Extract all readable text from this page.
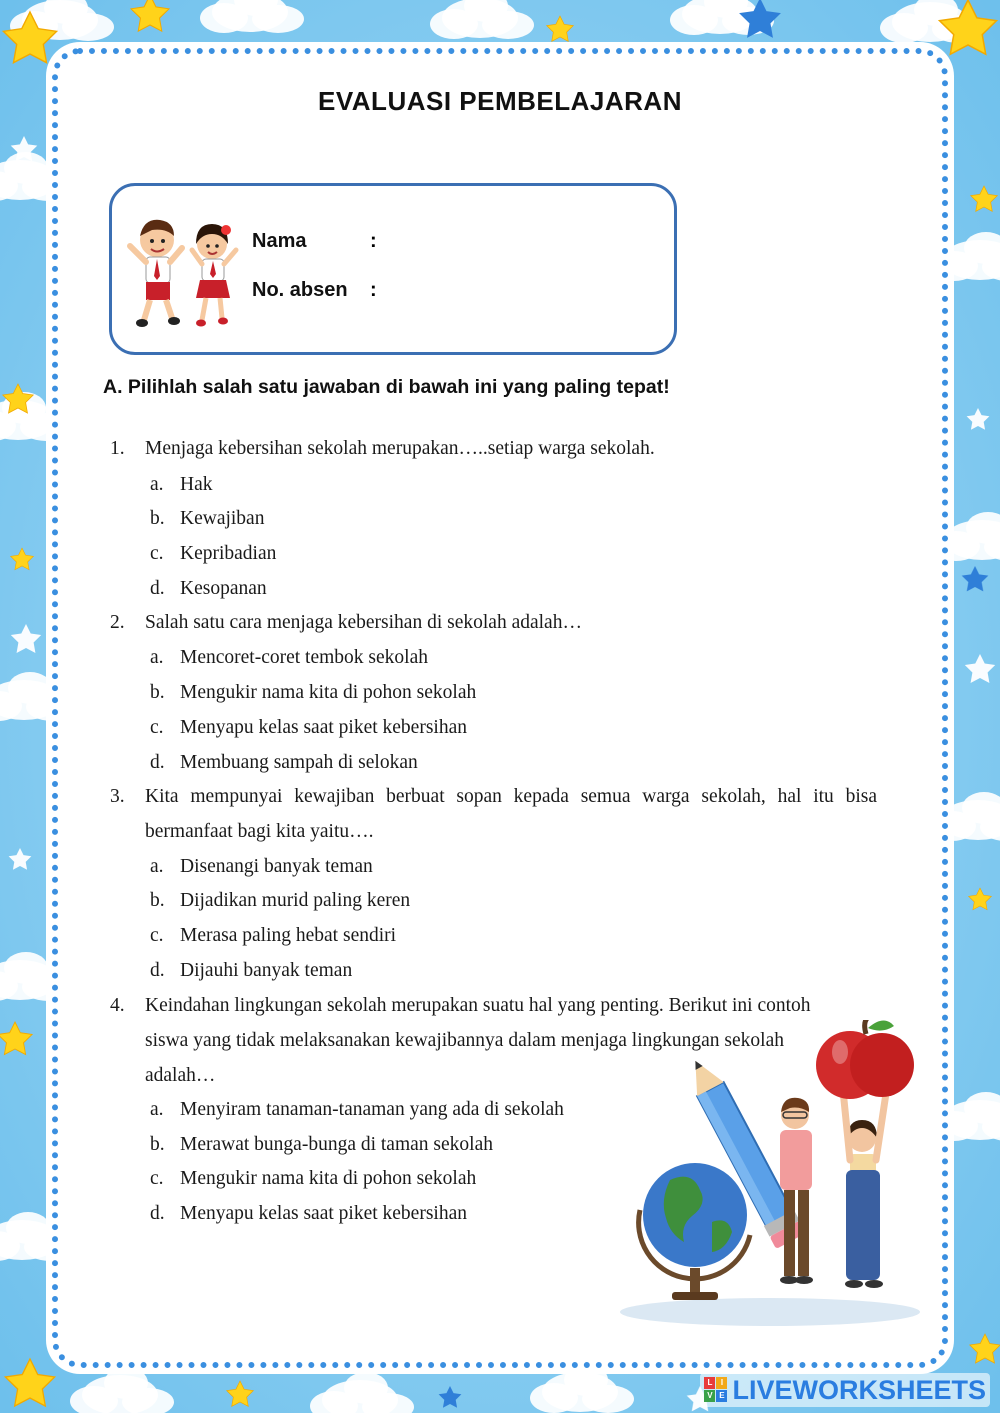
EVALUASI PEMBELAJARAN
Nama	:
No. absen :
A. Pilihlah salah satu jawaban di bawah ini yang paling tepat!
1. Menjaga kebersihan sekolah merupakan…..setiap warga sekolah.
a. Hak
b. Kewajiban
c. Kepribadian
d. Kesopanan
2. Salah satu cara menjaga kebersihan di sekolah adalah…
a. Mencoret-coret tembok sekolah
b. Mengukir nama kita di pohon sekolah
c. Menyapu kelas saat piket kebersihan
d. Membuang sampah di selokan
3. Kita mempunyai kewajiban berbuat sopan kepada semua warga sekolah, hal itu bisa
bermanfaat bagi kita yaitu….
a. Disenangi banyak teman
b. Dijadikan murid paling keren
c. Merasa paling hebat sendiri
d. Dijauhi banyak teman
4. Keindahan lingkungan sekolah merupakan suatu hal yang penting. Berikut ini contoh
siswa yang tidak melaksanakan kewajibannya dalam menjaga lingkungan sekolah
adalah…
a. Menyiram tanaman-tanaman yang ada di sekolah
b. Merawat bunga-bunga di taman sekolah
c. Mengukir nama kita di pohon sekolah
d. Menyapu kelas saat piket kebersihan
L	I
V E LIVEWORKSHEETS
